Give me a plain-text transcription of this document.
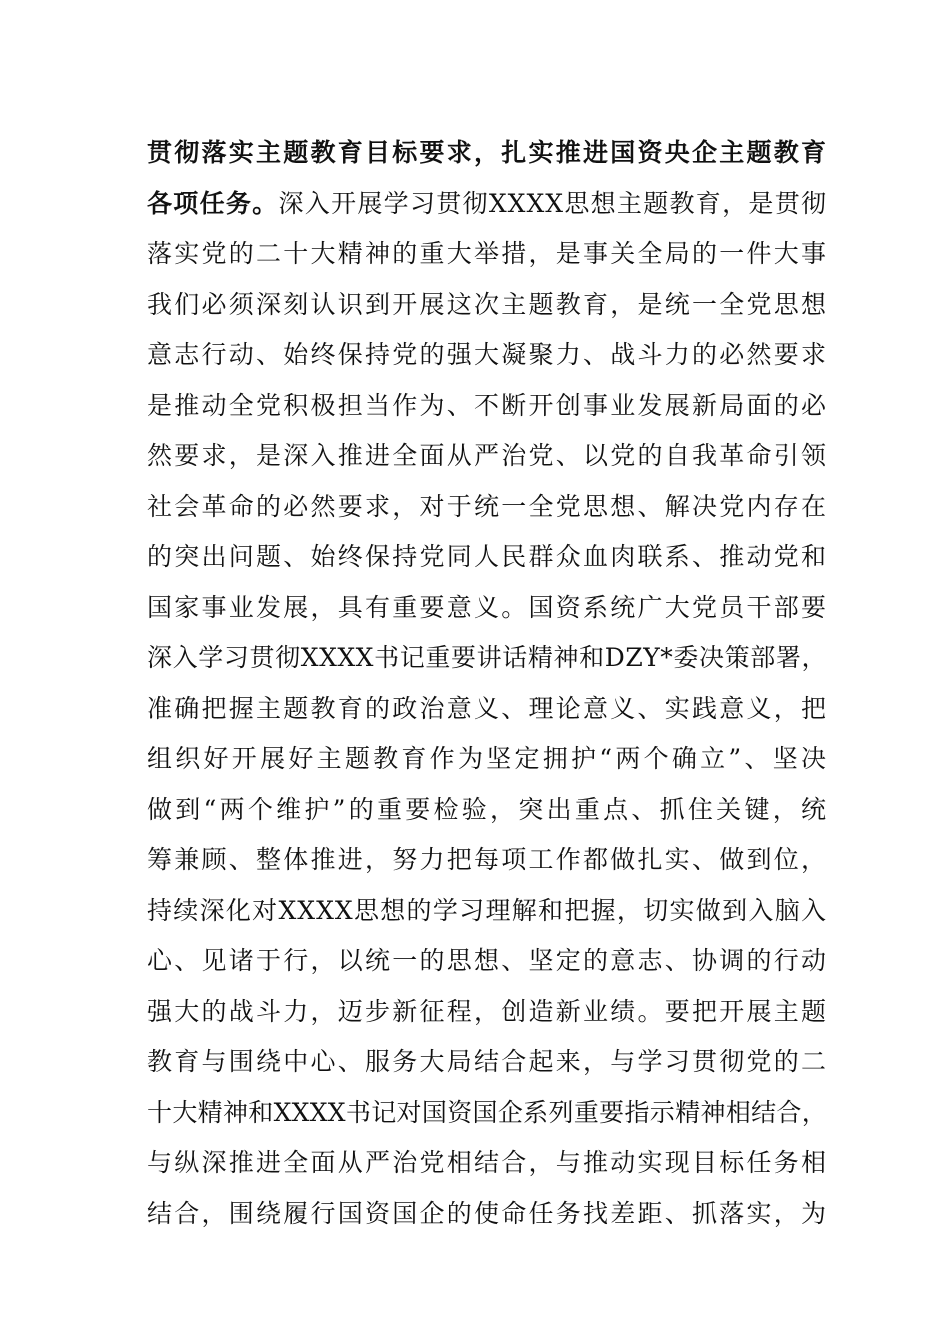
贯彻落实主题教育目标要求，扎实推进国资央企主题教育
各项任务。深入开展学习贯彻XXXX思想主题教育，是贯彻
落实党的二十大精神的重大举措，是事关全局的一件大事
我们必须深刻认识到开展这次主题教育，是统一全党思想
意志行动、始终保持党的强大凝聚力、战斗力的必然要求
是推动全党积极担当作为、不断开创事业发展新局面的必
然要求，是深入推进全面从严治党、以党的自我革命引领
社会革命的必然要求，对于统一全党思想、解决党内存在
的突出问题、始终保持党同人民群众血肉联系、推动党和
国家事业发展，具有重要意义。国资系统广大党员干部要
深入学习贯彻XXXX书记重要讲话精神和DZY*委决策部署，
准确把握主题教育的政治意义、理论意义、实践意义，把
组织好开展好主题教育作为坚定拥护“两个确立”、坚决
做到“两个维护”的重要检验，突出重点、抓住关键，统
筹兼顾、整体推进，努力把每项工作都做扎实、做到位，
持续深化对XXXX思想的学习理解和把握，切实做到入脑入
心、见诸于行，以统一的思想、坚定的意志、协调的行动
强大的战斗力，迈步新征程，创造新业绩。要把开展主题
教育与围绕中心、服务大局结合起来，与学习贯彻党的二
十大精神和XXXX书记对国资国企系列重要指示精神相结合，
与纵深推进全面从严治党相结合，与推动实现目标任务相
结合，围绕履行国资国企的使命任务找差距、抓落实，为
